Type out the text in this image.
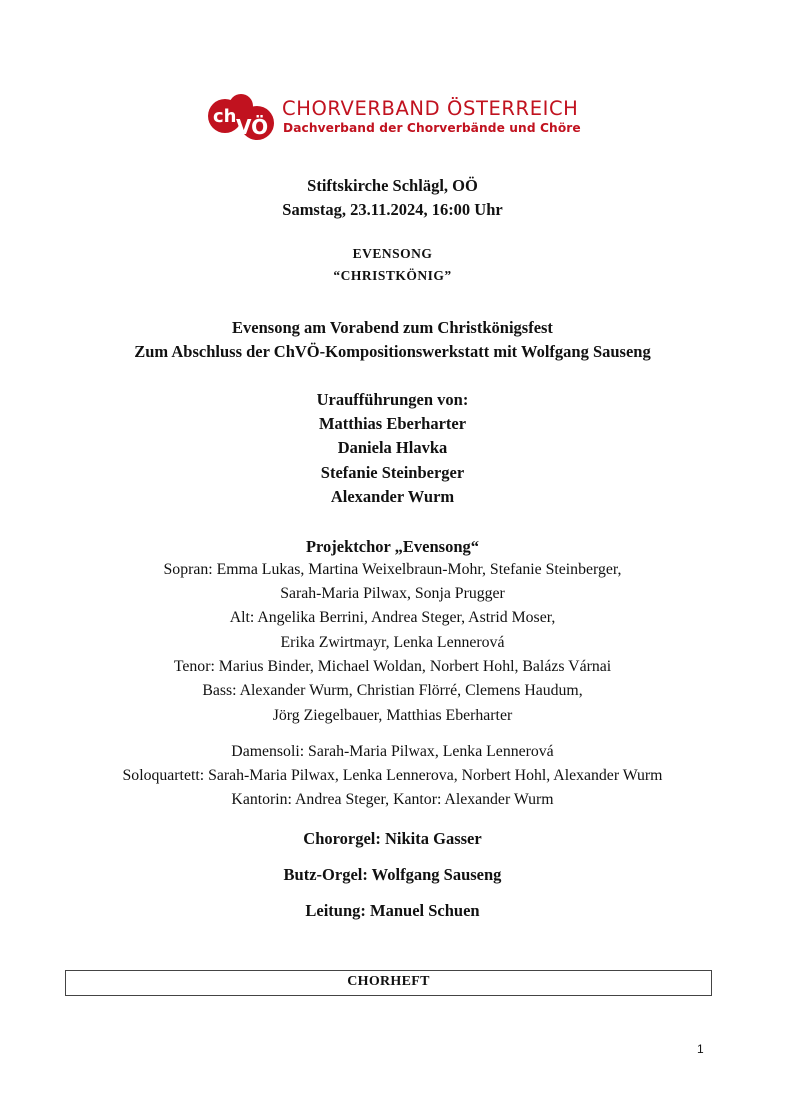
ch VÖ
CHORVERBAND ÖSTERREICH
Dachverband der Chorverbände und Chöre
Stiftskirche Schlägl, OÖ
Samstag, 23.11.2024, 16:00 Uhr
EVENSONG
“CHRISTKÖNIG”
Evensong am Vorabend zum Christkönigsfest
Zum Abschluss der ChVÖ-Kompositionswerkstatt mit Wolfgang Sauseng
Uraufführungen von:
Matthias Eberharter
Daniela Hlavka
Stefanie Steinberger
Alexander Wurm
Projektchor „Evensong“
Sopran: Emma Lukas, Martina Weixelbraun-Mohr, Stefanie Steinberger,
Sarah-Maria Pilwax, Sonja Prugger
Alt: Angelika Berrini, Andrea Steger, Astrid Moser,
Erika Zwirtmayr, Lenka Lennerová
Tenor: Marius Binder, Michael Woldan, Norbert Hohl, Balázs Várnai
Bass: Alexander Wurm, Christian Flörré, Clemens Haudum,
Jörg Ziegelbauer, Matthias Eberharter
Damensoli: Sarah-Maria Pilwax, Lenka Lennerová
Soloquartett: Sarah-Maria Pilwax, Lenka Lennerova, Norbert Hohl, Alexander Wurm
Kantorin: Andrea Steger, Kantor: Alexander Wurm
Chororgel: Nikita Gasser
Butz-Orgel: Wolfgang Sauseng
Leitung: Manuel Schuen
CHORHEFT
1
